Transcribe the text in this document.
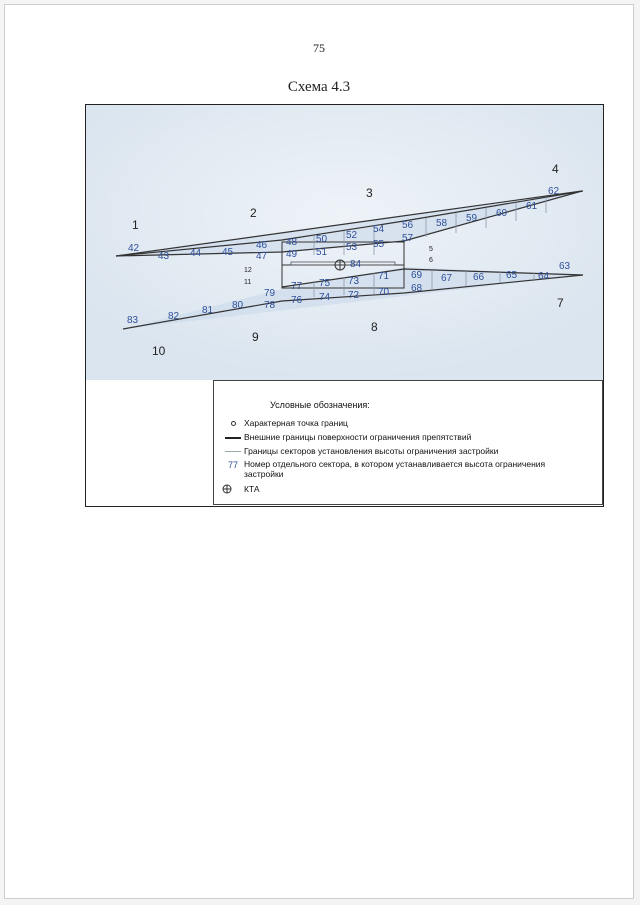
75
Схема 4.3
1
2
3
4
5
6
7
8
9
10
11
12
42
43 44 45
46
47
48
49
50
51
52
53
54
55
56
57
58 59 60
61
62
63
64
65
66
67
68
69
70
71
72
73
74
75
76
77
78
79
80
81
82
83
84
Условные обозначения:
Характерная точка границ
Внешние границы поверхности ограничения препятствий
Границы секторов установления высоты ограничения застройки
77 Номер отдельного сектора, в котором устанавливается высота ограничения застройки
КТА
